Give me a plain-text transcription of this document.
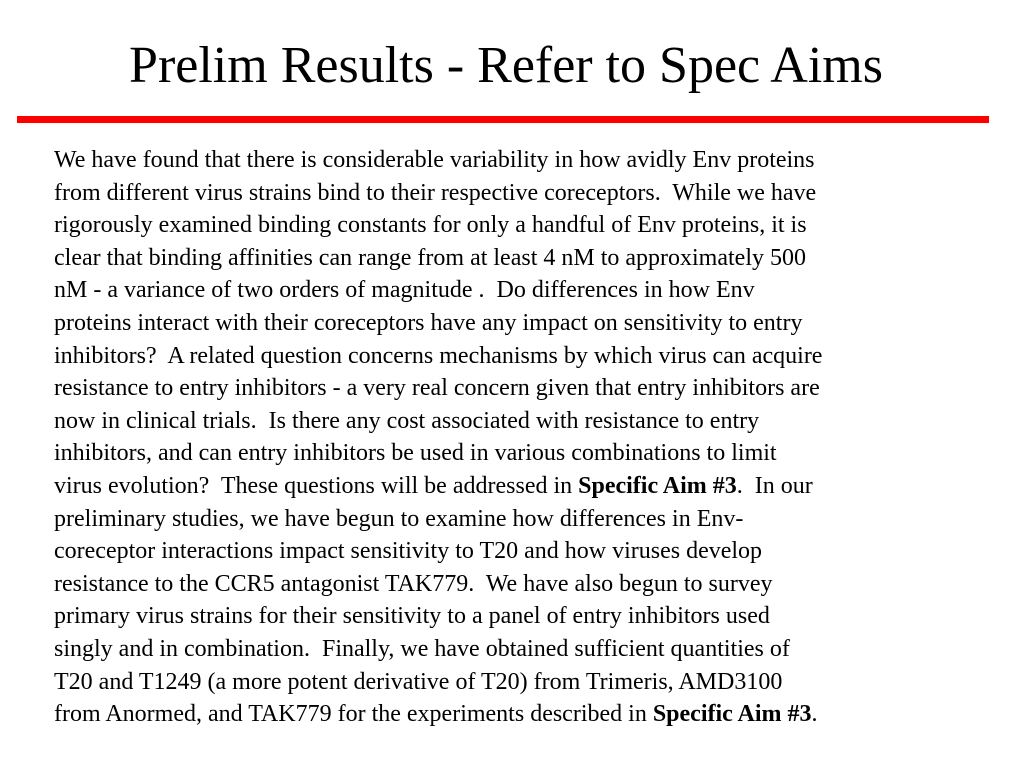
Prelim Results - Refer to Spec Aims
We have found that there is considerable variability in how avidly Env proteins
from different virus strains bind to their respective coreceptors.  While we have
rigorously examined binding constants for only a handful of Env proteins, it is
clear that binding affinities can range from at least 4 nM to approximately 500
nM - a variance of two orders of magnitude .  Do differences in how Env
proteins interact with their coreceptors have any impact on sensitivity to entry
inhibitors?  A related question concerns mechanisms by which virus can acquire
resistance to entry inhibitors - a very real concern given that entry inhibitors are
now in clinical trials.  Is there any cost associated with resistance to entry
inhibitors, and can entry inhibitors be used in various combinations to limit
virus evolution?  These questions will be addressed in Specific Aim #3.  In our
preliminary studies, we have begun to examine how differences in Env-
coreceptor interactions impact sensitivity to T20 and how viruses develop
resistance to the CCR5 antagonist TAK779.  We have also begun to survey
primary virus strains for their sensitivity to a panel of entry inhibitors used
singly and in combination.  Finally, we have obtained sufficient quantities of
T20 and T1249 (a more potent derivative of T20) from Trimeris, AMD3100
from Anormed, and TAK779 for the experiments described in Specific Aim #3.
